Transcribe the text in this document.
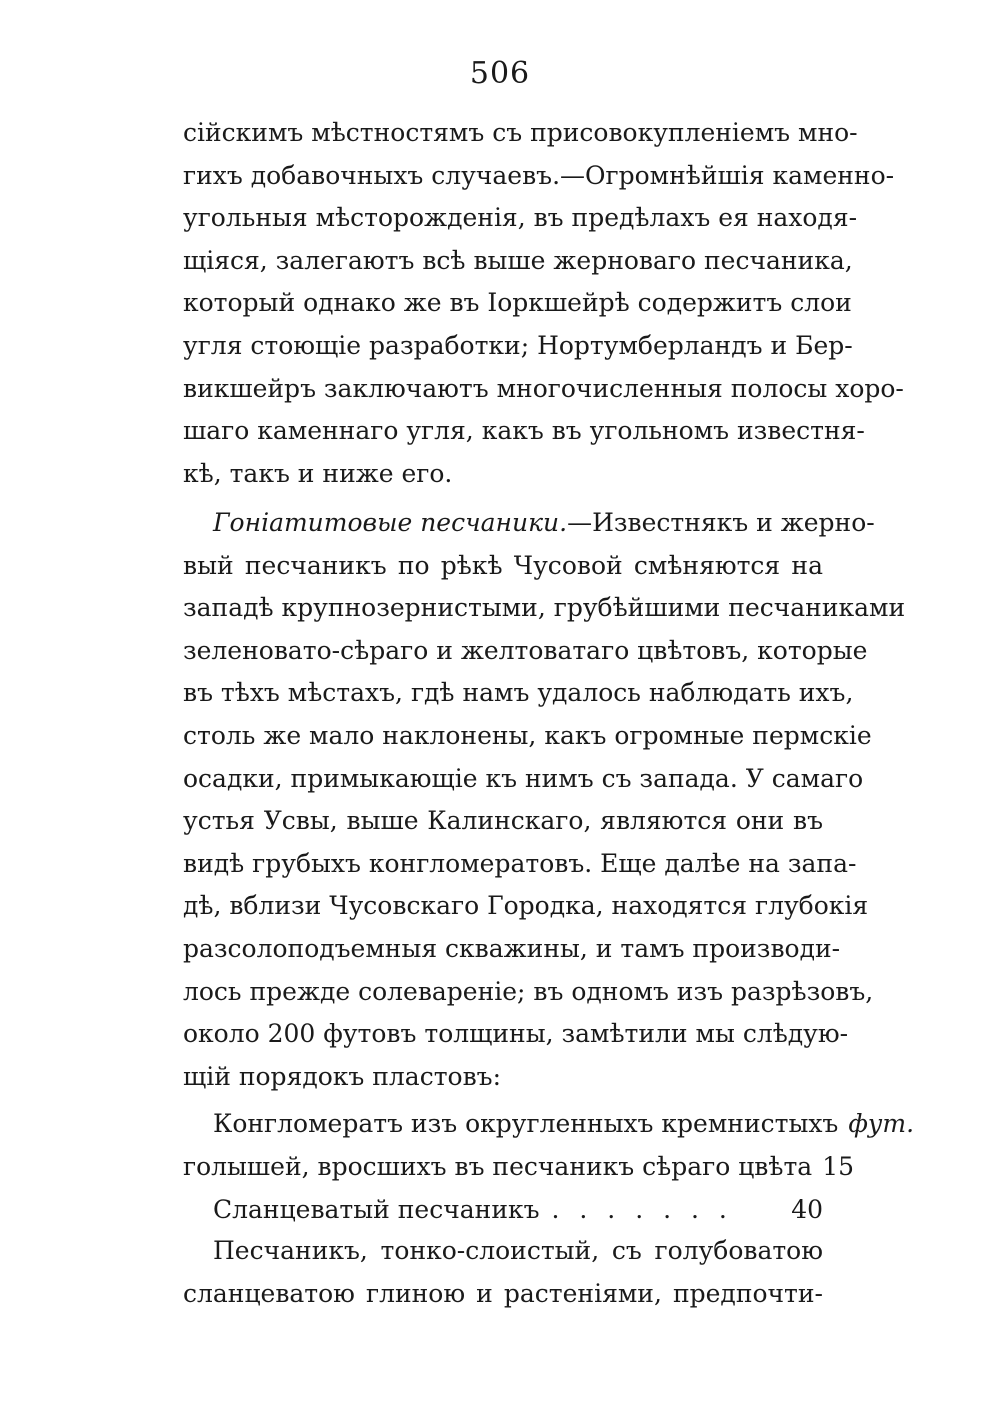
506
сійскимъ мѣстностямъ съ присовокупленіемъ мно-
гихъ добавочныхъ случаевъ.—Огромнѣйшія каменно-
угольныя мѣсторожденія, въ предѣлахъ ея находя-
щіяся, залегаютъ всѣ выше жерноваго песчаника,
который однако же въ Іоркшейрѣ содержитъ слои
угля стоющіе разработки; Нортумберландъ и Бер-
викшейръ заключаютъ многочисленныя полосы хоро-
шаго каменнаго угля, какъ въ угольномъ известня-
кѣ, такъ и ниже его.
Гоніатитовые песчаники.—Известнякъ и жерно-
вый песчаникъ по рѣкѣ Чусовой смѣняются на
западѣ крупнозернистыми, грубѣйшими песчаниками
зеленовато-сѣраго и желтоватаго цвѣтовъ, которые
въ тѣхъ мѣстахъ, гдѣ намъ удалось наблюдать ихъ,
столь же мало наклонены, какъ огромные пермскіе
осадки, примыкающіе къ нимъ съ запада. У самаго
устья Усвы, выше Калинскаго, являются они въ
видѣ грубыхъ конгломератовъ. Еще далѣе на запа-
дѣ, вблизи Чусовскаго Городка, находятся глубокія
разсолоподъемныя скважины, и тамъ производи-
лось прежде солевареніе; въ одномъ изъ разрѣзовъ,
около 200 футовъ толщины, замѣтили мы слѣдую-
щій порядокъ пластовъ:
Конгломератъ изъ округленныхъ кремнистыхъ фут.
голышей, вросшихъ въ песчаникъ сѣраго цвѣта 15
Сланцеватый песчаникъ . . . . . . .	40
Песчаникъ, тонко-слоистый, съ голубоватою
сланцеватою глиною и растеніями, предпочти-
